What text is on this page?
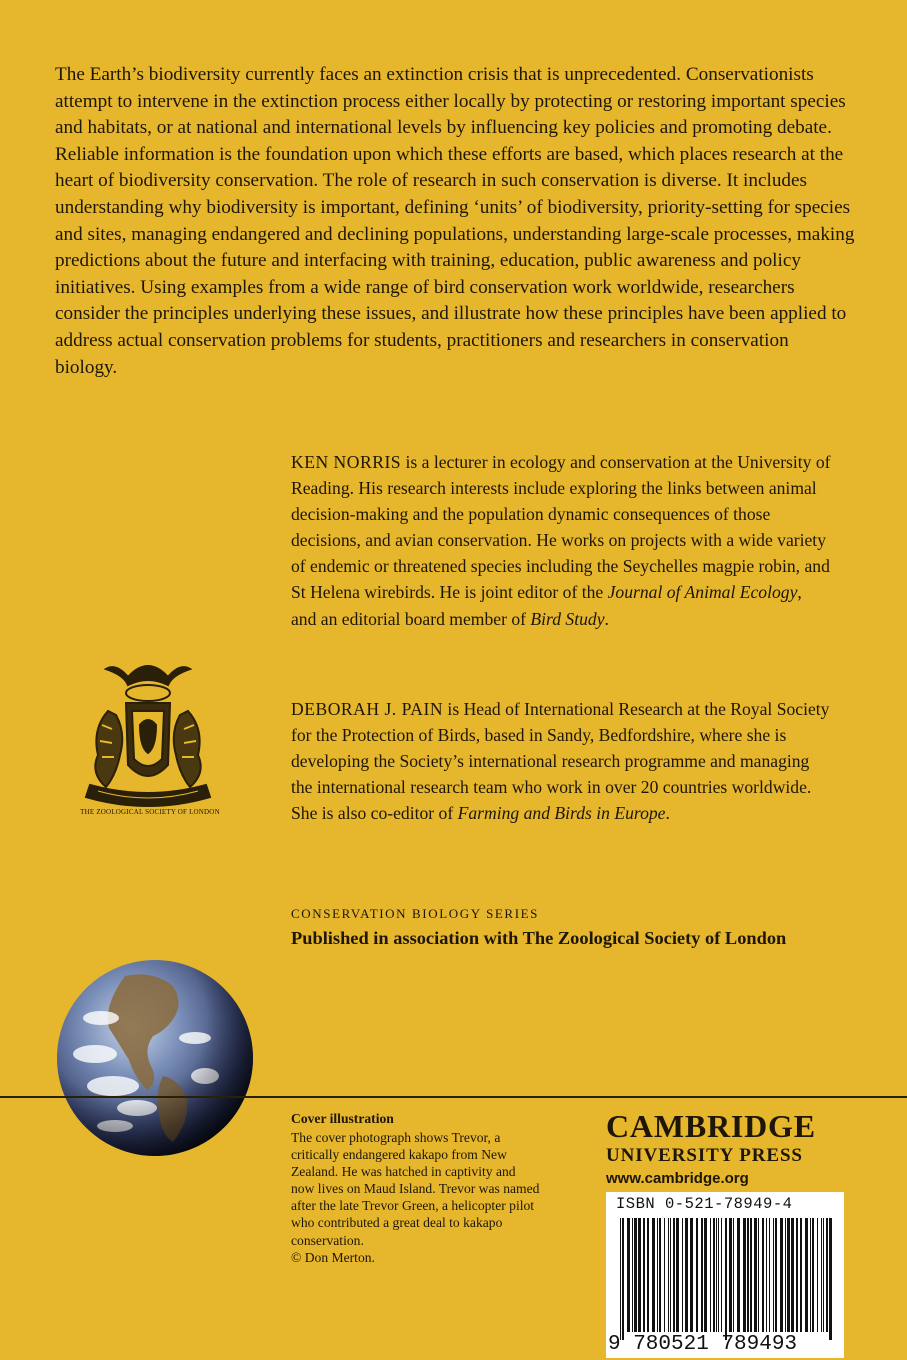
The Earth’s biodiversity currently faces an extinction crisis that is unprecedented. Conservationists attempt to intervene in the extinction process either locally by protecting or restoring important species and habitats, or at national and international levels by influencing key policies and promoting debate. Reliable information is the foundation upon which these efforts are based, which places research at the heart of biodiversity conservation. The role of research in such conservation is diverse. It includes understanding why biodiversity is important, defining ‘units’ of biodiversity, priority-setting for species and sites, managing endangered and declining populations, understanding large-scale processes, making predictions about the future and interfacing with training, education, public awareness and policy initiatives. Using examples from a wide range of bird conservation work worldwide, researchers consider the principles underlying these issues, and illustrate how these principles have been applied to address actual conservation problems for students, practitioners and researchers in conservation biology.

KEN NORRIS is a lecturer in ecology and conservation at the University of Reading. His research interests include exploring the links between animal decision-making and the population dynamic consequences of those decisions, and avian conservation. He works on projects with a wide variety of endemic or threatened species including the Seychelles magpie robin, and St Helena wirebirds. He is joint editor of the Journal of Animal Ecology, and an editorial board member of Bird Study.
DEBORAH J. PAIN is Head of International Research at the Royal Society for the Protection of Birds, based in Sandy, Bedfordshire, where she is developing the Society’s international research programme and managing the international research team who work in over 20 countries worldwide. She is also co-editor of Farming and Birds in Europe.
THE ZOOLOGICAL SOCIETY OF LONDON
CONSERVATION BIOLOGY SERIES
Published in association with The Zoological Society of London
Cover illustration

The cover photograph shows Trevor, a critically endangered kakapo from New Zealand. He was hatched in captivity and now lives on Maud Island. Trevor was named after the late Trevor Green, a helicopter pilot who contributed a great deal to kakapo conservation.
© Don Merton.

CAMBRIDGE
UNIVERSITY PRESS
www.cambridge.org
ISBN 0-521-78949-4
9 780521 789493
